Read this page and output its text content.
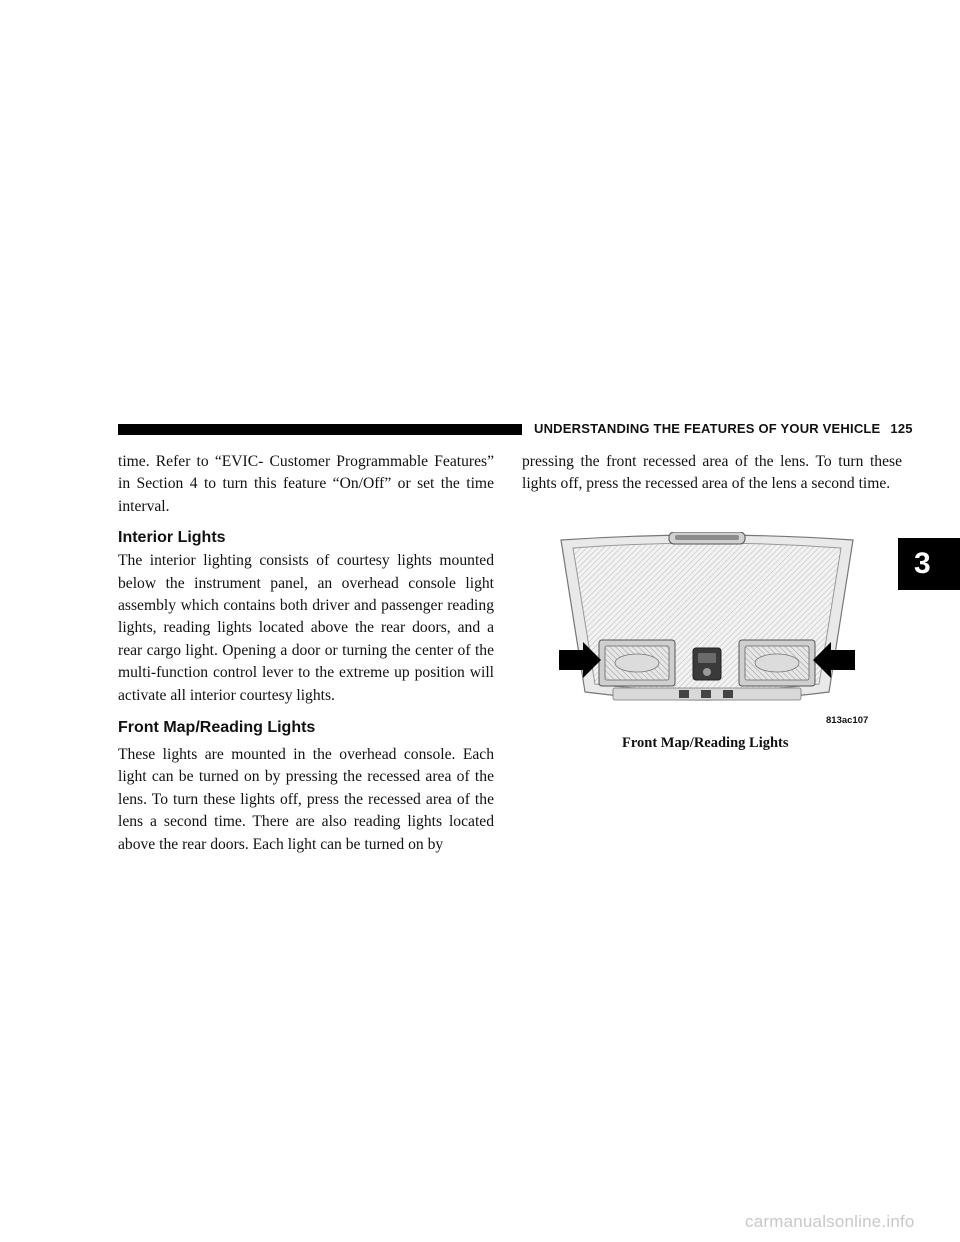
UNDERSTANDING THE FEATURES OF YOUR VEHICLE 125
3

time. Refer to “EVIC- Customer Programmable Features” in Section 4 to turn this feature “On/Off” or set the time interval.

Interior Lights

The interior lighting consists of courtesy lights mounted below the instrument panel, an overhead console light assembly which contains both driver and passenger reading lights, reading lights located above the rear doors, and a rear cargo light. Opening a door or turning the center of the multi-function control lever to the extreme up position will activate all interior courtesy lights.

Front Map/Reading Lights

These lights are mounted in the overhead console. Each light can be turned on by pressing the recessed area of the lens. To turn these lights off, press the recessed area of the lens a second time. There are also reading lights located above the rear doors. Each light can be turned on by

pressing the front recessed area of the lens. To turn these lights off, press the recessed area of the lens a second time.

813ac107
Front Map/Reading Lights
carmanualsonline.info
